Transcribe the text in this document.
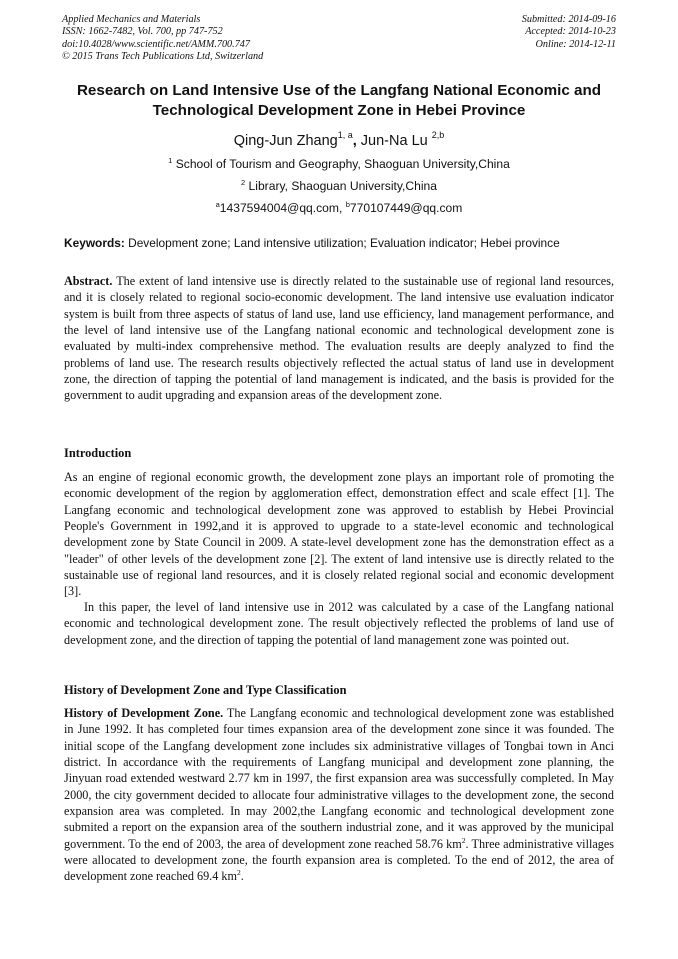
Applied Mechanics and Materials
ISSN: 1662-7482, Vol. 700, pp 747-752
doi:10.4028/www.scientific.net/AMM.700.747
© 2015 Trans Tech Publications Ltd, Switzerland
Submitted: 2014-09-16
Accepted: 2014-10-23
Online: 2014-12-11
Research on Land Intensive Use of the Langfang National Economic and Technological Development Zone in Hebei Province
Qing-Jun Zhang$^{1, a}$, Jun-Na Lu $^{2,b}$
$^1$ School of Tourism and Geography, Shaoguan University,China
$^2$ Library, Shaoguan University,China
$^a$1437594004@qq.com, $^b$770107449@qq.com
Keywords: Development zone; Land intensive utilization; Evaluation indicator; Hebei province

Abstract. The extent of land intensive use is directly related to the sustainable use of regional land resources, and it is closely related to regional socio-economic development. The land intensive use evaluation indicator system is built from three aspects of status of land use, land use efficiency, land management performance, and the level of land intensive use of the Langfang national economic and technological development zone is evaluated by multi-index comprehensive method. The evaluation results are deeply analyzed to find the problems of land use. The research results objectively reflected the actual status of land use in development zone, the direction of tapping the potential of land management is indicated, and the basis is provided for the government to audit upgrading and expansion areas of the development zone.

Introduction

As an engine of regional economic growth, the development zone plays an important role of promoting the economic development of the region by agglomeration effect, demonstration effect and scale effect [1]. The Langfang economic and technological development zone was approved to establish by Hebei Provincial People's Government in 1992,and it is approved to upgrade to a state-level economic and technological development zone by State Council in 2009. A state-level development zone has the demonstration effect as a "leader" of other levels of the development zone [2]. The extent of land intensive use is directly related to the sustainable use of regional land resources, and it is closely related regional social and economic development [3].

In this paper, the level of land intensive use in 2012 was calculated by a case of the Langfang national economic and technological development zone. The result objectively reflected the problems of land use of development zone, and the direction of tapping the potential of land management zone was pointed out.

History of Development Zone and Type Classification

History of Development Zone. The Langfang economic and technological development zone was established in June 1992. It has completed four times expansion area of the development zone since it was founded. The initial scope of the Langfang development zone includes six administrative villages of Tongbai town in Anci district. In accordance with the requirements of Langfang municipal and development zone planning, the Jinyuan road extended westward 2.77 km in 1997, the first expansion area was successfully completed. In May 2000, the city government decided to allocate four administrative villages to the development zone, the second expansion area was completed. In may 2002,the Langfang economic and technological development zone submited a report on the expansion area of the southern industrial zone, and it was approved by the municipal government. To the end of 2003, the area of development zone reached 58.76 $km^2$. Three administrative villages were allocated to development zone, the fourth expansion area is completed. To the end of 2012, the area of development zone reached 69.4 $km^2$.
